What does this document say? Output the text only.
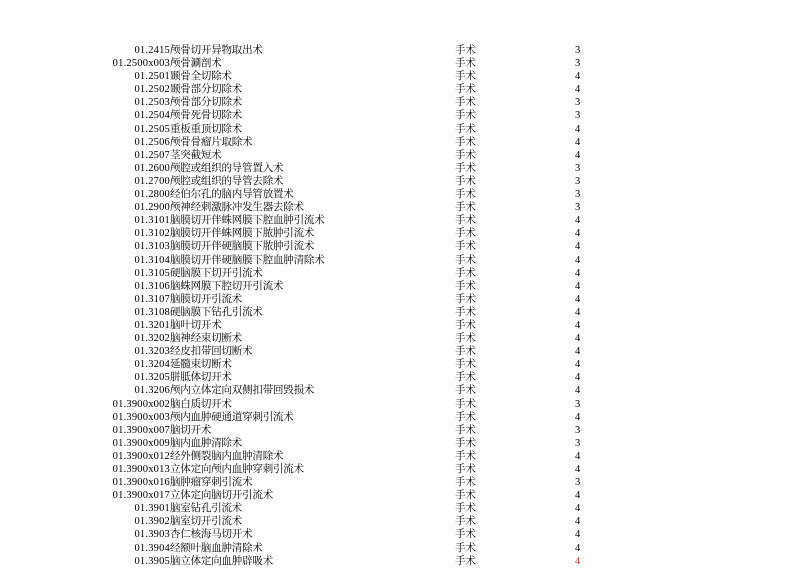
01.2415	颅骨切开异物取出术	手术	3	
01.2500x003	颅骨涮剖术	手术	3	
01.2501	颞骨全切除术	手术	4	
01.2502	颞骨部分切除术	手术	4	
01.2503	颅骨部分切除术	手术	3	
01.2504	颅骨死骨切除术	手术	3	
01.2505	重板重顶切除术	手术	4	
01.2506	颅骨骨瘤片取除术	手术	4	
01.2507	茎突截短术	手术	4	
01.2600	颅腔或组织的导管置入术	手术	3	
01.2700	颅腔或组织的导管去除术	手术	3	
01.2800	经伯尔孔的脑内导管放置术	手术	3	
01.2900	颅神经刺激脉冲发生器去除术	手术	3	
01.3101	脑膜切开伴蛛网膜下腔血肿引流术	手术	4	
01.3102	脑膜切开伴蛛网膜下脓肿引流术	手术	4	
01.3103	脑膜切开伴硬脑膜下脓肿引流术	手术	4	
01.3104	脑膜切开伴硬脑膜下腔血肿清除术	手术	4	
01.3105	硬脑膜下切开引流术	手术	4	
01.3106	脑蛛网膜下腔切开引流术	手术	4	
01.3107	脑膜切开引流术	手术	4	
01.3108	硬脑膜下钻孔引流术	手术	4	
01.3201	脑叶切开术	手术	4	
01.3202	脑神经束切断术	手术	4	
01.3203	经皮扣带回切断术	手术	4	
01.3204	延髓束切断术	手术	4	
01.3205	胼胝体切开术	手术	4	
01.3206	颅内立体定向双侧扣带回毁损术	手术	4	
01.3900x002	脑白质切开术	手术	3	
01.3900x003	颅内血肿硬通道穿刺引流术	手术	4	
01.3900x007	脑切开术	手术	3	
01.3900x009	脑内血肿清除术	手术	3	
01.3900x012	经外侧裂脑内血肿清除术	手术	4	
01.3900x013	立体定向颅内血肿穿刺引流术	手术	4	
01.3900x016	脑肿瘤穿刺引流术	手术	3	
01.3900x017	立体定向脑切开引流术	手术	4	
01.3901	脑室钻孔引流术	手术	4	
01.3902	脑室切开引流术	手术	4	
01.3903	杏仁核海马切开术	手术	4	
01.3904	经额叶脑血肿清除术	手术	4	
01.3905	脑立体定向血肿辟吸术	手术	4	
